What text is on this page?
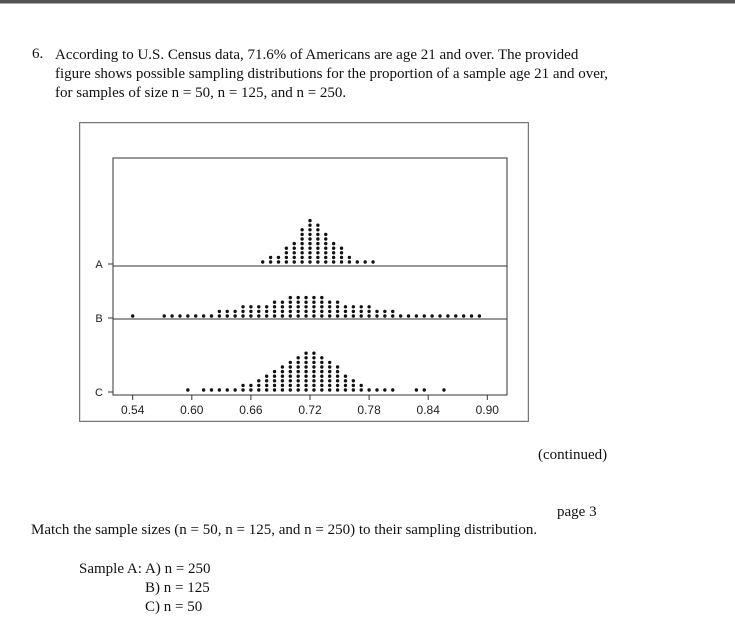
6. According to U.S. Census data, 71.6% of Americans are age 21 and over. The provided

figure shows possible sampling distributions for the proportion of a sample age 21 and over,

for samples of size n = 50, n = 125, and n = 250.

0.54	0.60	0.66	0.72	0.78	0.84	0.90
A
B
C
(continued)
page 3
Match the sample sizes (n = 50, n = 125, and n = 250) to their sampling distribution.
Sample A: A) n = 250
B) n = 125
C) n = 50
